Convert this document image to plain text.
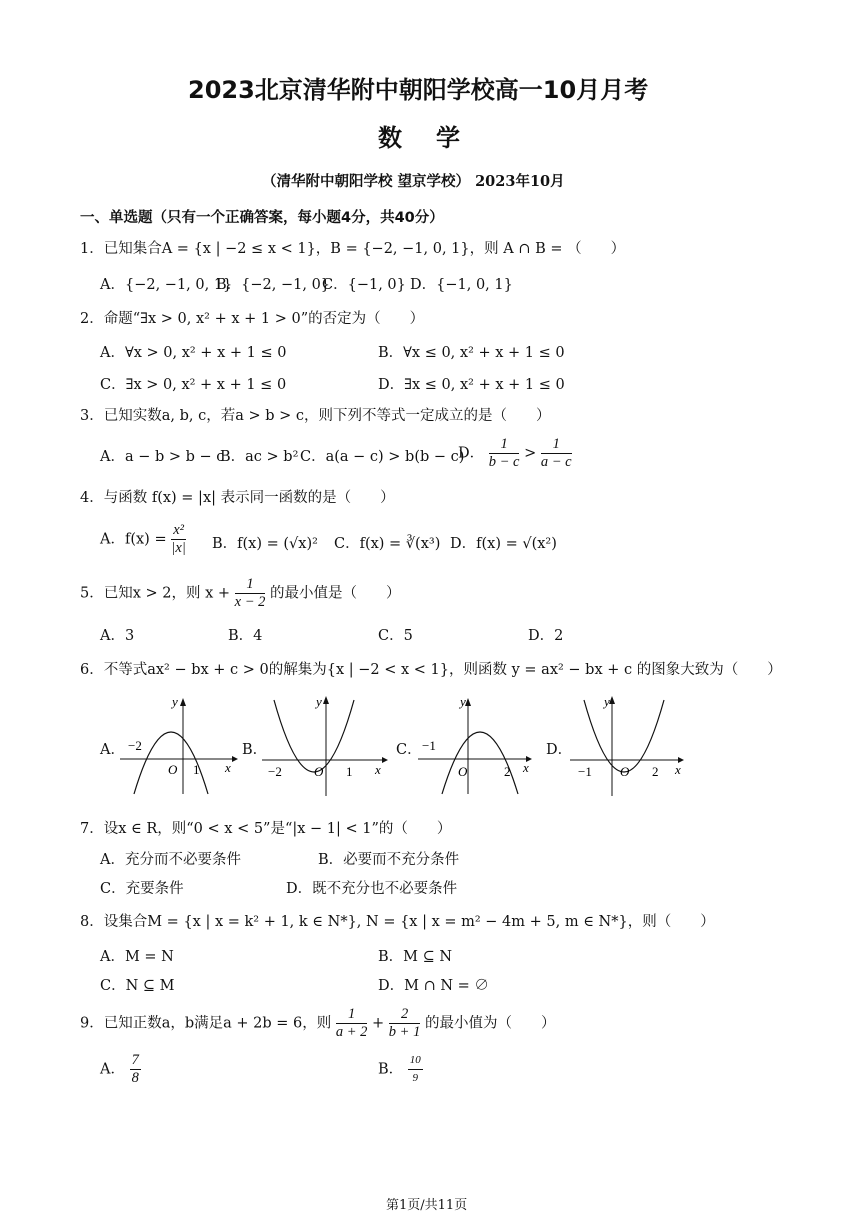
2023北京清华附中朝阳学校高一10月月考
数学
（清华附中朝阳学校 望京学校） 2023年10月
一、单选题（只有一个正确答案，每小题4分，共40分）
1．已知集合A = {x | −2 ≤ x < 1}，B = {−2, −1, 0, 1}，则 A ∩ B = （　　）
A．{−2, −1, 0, 1}
B．{−2, −1, 0}
C．{−1, 0} D．{−1, 0, 1}
2．命题“∃x > 0, x² + x + 1 > 0”的否定为（　　）
A．∀x > 0, x² + x + 1 ≤ 0	B．∀x ≤ 0, x² + x + 1 ≤ 0
C．∃x > 0, x² + x + 1 ≤ 0	D．∃x ≤ 0, x² + x + 1 ≤ 0
3．已知实数a, b, c，若a > b > c，则下列不等式一定成立的是（　　）
A．a − b > b − c
B．ac > b² C．a(a − c) > b(b − c)
D． $\frac{1}{b - c} > \frac{1}{a - c}$
4．与函数 f(x) = |x| 表示同一函数的是（　　）
A．$f(x) = \frac{\text{x²}}{|x|}$ B．f(x) = (√x)² C．f(x) = ∛(x³) D．f(x) = √(x²)
5．已知x > 2，则 $x + \frac{1}{x - 2}$ 的最小值是（　　）
A．3	B．4	C．5	D．2
6．不等式ax² − bx + c > 0的解集为{x | −2 < x < 1}，则函数 y = ax² − bx + c 的图象大致为（　　）
A．	B．	C．	D．
y
x
O
−2
1
y
x
O
−2	1
y
x
O
−1
2
y
x
O
−1	2
7．设x ∈ R，则“0 < x < 5”是“|x − 1| < 1”的（　　）
A．充分而不必要条件	B．必要而不充分条件
C．充要条件	D．既不充分也不必要条件
8．设集合M = {x | x = k² + 1, k ∈ N*}, N = {x | x = m² − 4m + 5, m ∈ N*}，则（　　）
A．M = N	B．M ⊆ N
C．N ⊆ M	D．M ∩ N = ∅
9．已知正数a，b满足a + 2b = 6，则 $\frac{1}{a + 2} + \frac{2}{b + 1}$ 的最小值为（　　）
A． $\frac{7}{8}$	B． $\frac{10}{9}$
第1页/共11页
